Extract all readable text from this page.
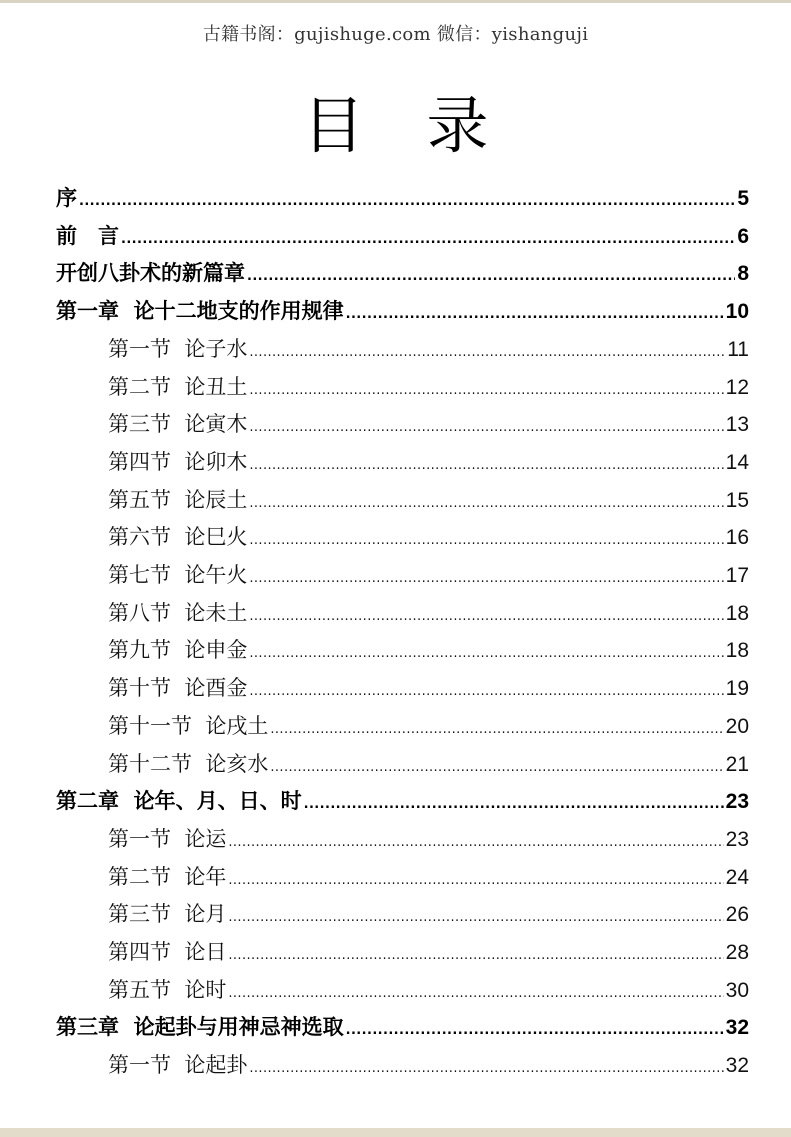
古籍书阁：gujishuge.com 微信：yishanguji
目　录
序 .....	5
前　言 .....	6
开创八卦术的新篇章 .....	8
第一章  论十二地支的作用规律 .....	10
第一节  论子水 .....	11
第二节  论丑土 .....	12
第三节  论寅木 .....	13
第四节  论卯木 .....	14
第五节  论辰土 .....	15
第六节  论巳火 .....	16
第七节  论午火 .....	17
第八节  论未土 .....	18
第九节  论申金 .....	18
第十节  论酉金 .....	19
第十一节  论戌土 .....	20
第十二节  论亥水 .....	21
第二章  论年、月、日、时 .....	23
第一节  论运 .....	23
第二节  论年 .....	24
第三节  论月 .....	26
第四节  论日 .....	28
第五节  论时 .....	30
第三章  论起卦与用神忌神选取 .....	32
第一节  论起卦 .....	32
